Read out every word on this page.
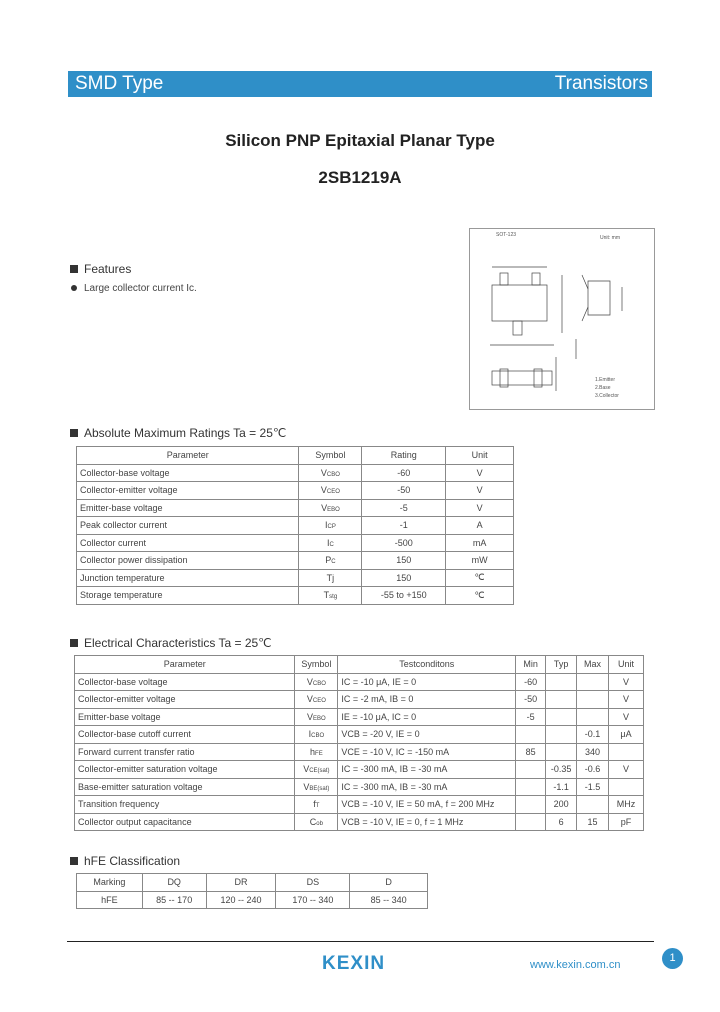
SMD Type	Transistors
Silicon PNP Epitaxial Planar Type
2SB1219A
Features
Large collector current Ic.
SOT-123	Unit: mm
1.Emitter
2.Base
3.Collector
Absolute Maximum Ratings Ta = 25℃
Parameter	Symbol	Rating	Unit
Collector-base voltage	VCBO	-60	V
Collector-emitter voltage	VCEO	-50	V
Emitter-base voltage	VEBO	-5	V
Peak collector current	ICP	-1	A
Collector current	IC	-500	mA
Collector power dissipation	PC	150	mW
Junction temperature	Tj	150	℃
Storage temperature	Tstg	-55 to +150	℃
Electrical Characteristics Ta = 25℃
Parameter	Symbol	Testconditons	Min	Typ	Max	Unit
Collector-base voltage	VCBO	IC = -10 μA, IE = 0	-60			V
Collector-emitter voltage	VCEO	IC = -2 mA, IB = 0	-50			V
Emitter-base voltage	VEBO	IE = -10 μA, IC = 0	-5			V
Collector-base cutoff current	ICBO	VCB = -20 V, IE = 0			-0.1	μA
Forward current transfer ratio	hFE	VCE = -10 V, IC = -150 mA	85		340	
Collector-emitter saturation voltage	VCE(sat)	IC = -300 mA, IB = -30 mA		-0.35	-0.6	V
Base-emitter saturation voltage	VBE(sat)	IC = -300 mA, IB = -30 mA		-1.1	-1.5	
Transition frequency	fT	VCB = -10 V, IE = 50 mA, f = 200 MHz		200		MHz
Collector output capacitance	Cob	VCB = -10 V, IE = 0, f = 1 MHz		6	15	pF
hFE Classification
Marking	DQ	DR	DS	D
hFE	85 -- 170	120 -- 240	170 -- 340	85 -- 340
KEXIN	www.kexin.com.cn
1
